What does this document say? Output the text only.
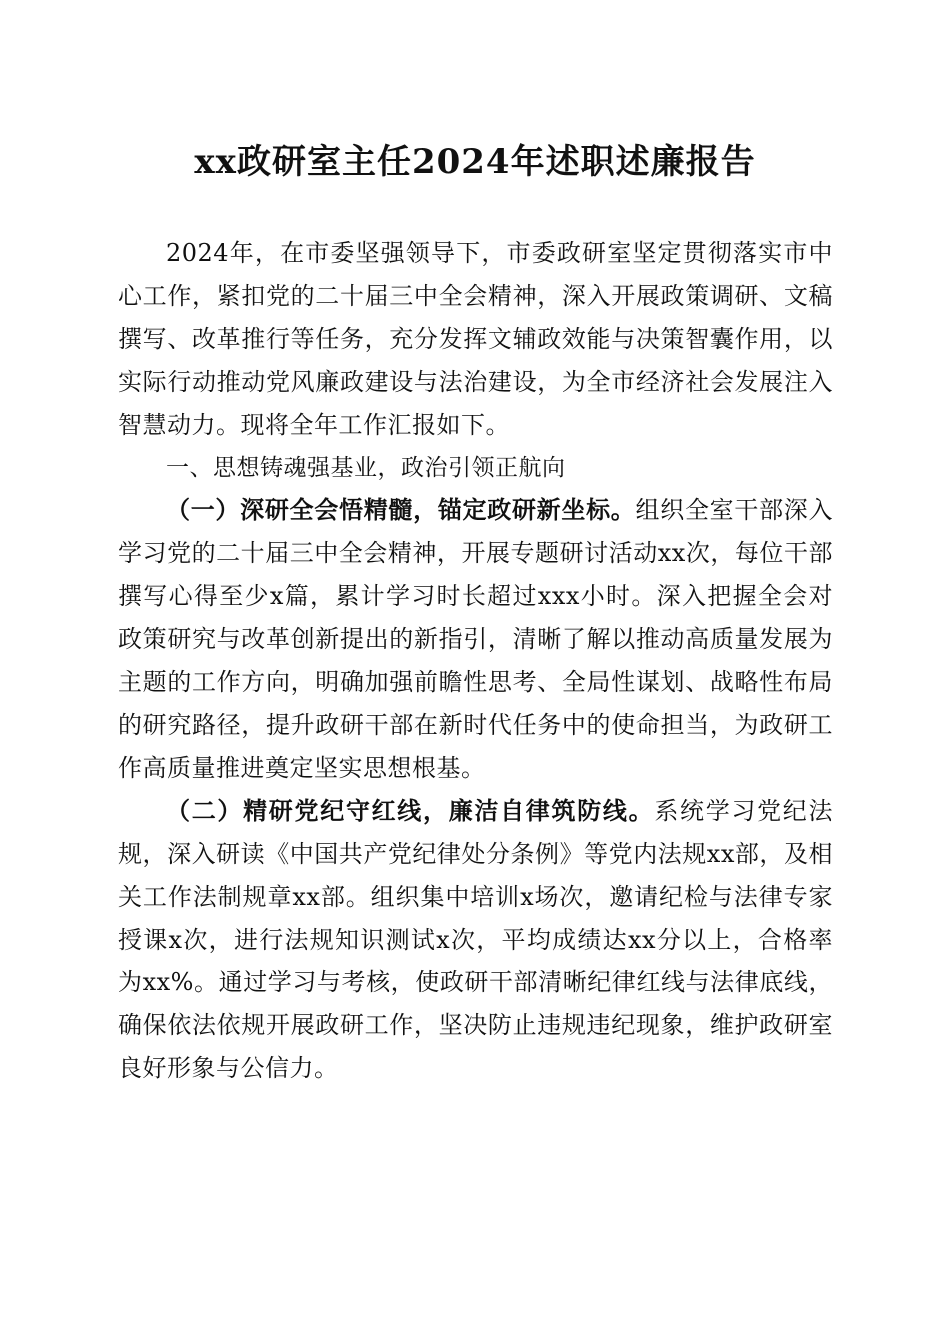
xx政研室主任2024年述职述廉报告

2024年，在市委坚强领导下，市委政研室坚定贯彻落实市中心工作，紧扣党的二十届三中全会精神，深入开展政策调研、文稿撰写、改革推行等任务，充分发挥文辅政效能与决策智囊作用，以实际行动推动党风廉政建设与法治建设，为全市经济社会发展注入智慧动力。现将全年工作汇报如下。

一、思想铸魂强基业，政治引领正航向

（一）深研全会悟精髓，锚定政研新坐标。组织全室干部深入学习党的二十届三中全会精神，开展专题研讨活动xx次，每位干部撰写心得至少x篇，累计学习时长超过xxx小时。深入把握全会对政策研究与改革创新提出的新指引，清晰了解以推动高质量发展为主题的工作方向，明确加强前瞻性思考、全局性谋划、战略性布局的研究路径，提升政研干部在新时代任务中的使命担当，为政研工作高质量推进奠定坚实思想根基。

（二）精研党纪守红线，廉洁自律筑防线。系统学习党纪法规，深入研读《中国共产党纪律处分条例》等党内法规xx部，及相关工作法制规章xx部。组织集中培训x场次，邀请纪检与法律专家授课x次，进行法规知识测试x次，平均成绩达xx分以上，合格率为xx%。通过学习与考核，使政研干部清晰纪律红线与法律底线，确保依法依规开展政研工作，坚决防止违规违纪现象，维护政研室良好形象与公信力。
